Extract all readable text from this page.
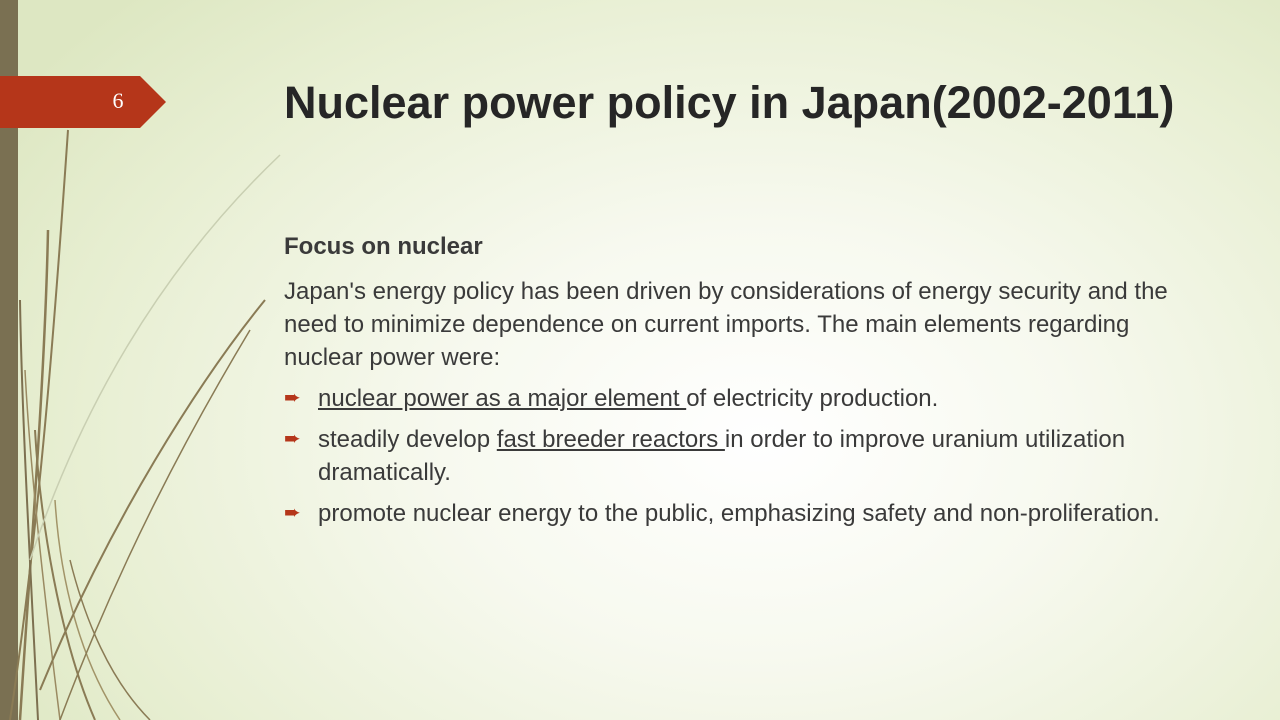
6	Nuclear power policy in Japan(2002-2011)

Focus on nuclear

Japan's energy policy has been driven by considerations of energy security and the need to minimize dependence on current imports. The main elements regarding nuclear power were:

➨ nuclear power as a major element of electricity production.
➨ steadily develop fast breeder reactors in order to improve uranium utilization dramatically.
➨ promote nuclear energy to the public, emphasizing safety and non-proliferation.
